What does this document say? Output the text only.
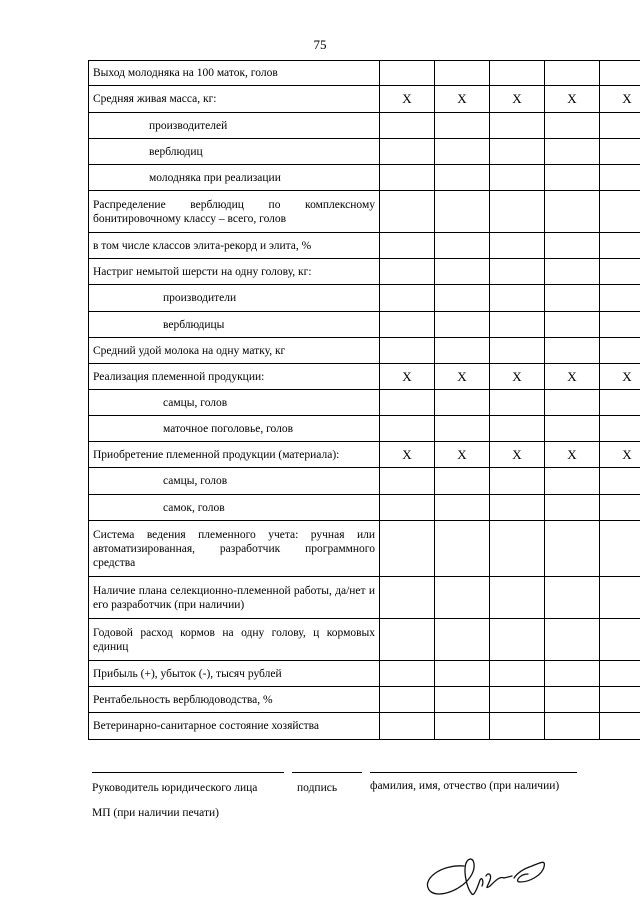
75
Выход молодняка на 100 маток, голов					
Средняя живая масса, кг:	X	X	X	X	X
производителей					
верблюдиц					
молодняка при реализации					
Распределение верблюдиц по комплексному бонитировочному классу – всего, голов					
в том числе классов элита-рекорд и элита, %					
Настриг немытой шерсти на одну голову, кг:					
производители					
верблюдицы					
Средний удой молока на одну матку, кг					
Реализация племенной продукции:	X	X	X	X	X
самцы, голов					
маточное поголовье, голов					
Приобретение племенной продукции (материала):	X	X	X	X	X
самцы, голов					
самок, голов					
Система ведения племенного учета: ручная или автоматизированная, разработчик программного средства					
Наличие плана селекционно-племенной работы, да/нет и его разработчик (при наличии)					
Годовой расход кормов на одну голову, ц кормовых единиц					
Прибыль (+), убыток (-), тысяч рублей					
Рентабельность верблюдоводства, %					
Ветеринарно-санитарное состояние хозяйства					
Руководитель юридического лица	подпись	фамилия, имя, отчество (при наличии)
МП (при наличии печати)
